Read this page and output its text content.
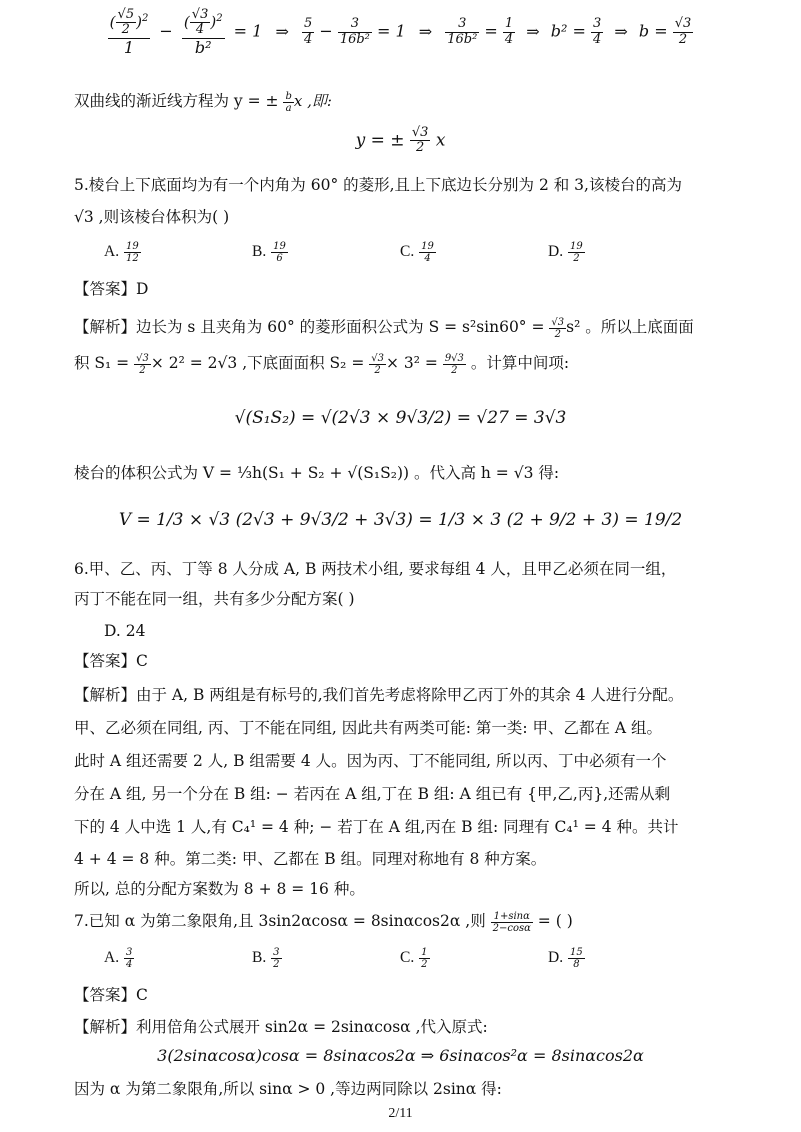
$\frac{( \frac{√5}{2} )^2}{1} - \frac{( \frac{√3}{4} )^2}{\text{b²}} = 1$ ⇒ $\frac{5}{4} - \frac{3}{\text{16b²}} = 1$ ⇒ $\frac{3}{\text{16b²}} = \frac{1}{4}$ ⇒ $b^2 = \frac{3}{4}$ ⇒ $b = \frac{√3}{2}$
双曲线的渐近线方程为 y = ± $\frac{b}{a}$ x ,即:
y = ± $\frac{√3}{2}$ x
5.棱台上下底面均为有一个内角为 60° 的菱形,且上下底边长分别为 2 和 3,该棱台的高为
√3 ,则该棱台体积为( )
A. $\frac{19}{12}$	B. $\frac{19}{6}$	C. $\frac{19}{4}$	D. $\frac{19}{2}$
【答案】D
【解析】边长为 s 且夹角为 60° 的菱形面积公式为 $S = s^2\sin 60^\circ = \frac{√3}{2} s^2$ 。所以上底面面
积 $S_1 = \frac{√3}{2} \times 2^2 = 2√3$ ,下底面面积 $S_2 = \frac{√3}{2} \times 3^2 = \frac{9√3}{2}$ 。计算中间项:
√(S₁S₂) = √(2√3 × 9√3/2) = √27 = 3√3
棱台的体积公式为 V = ⅓h(S₁ + S₂ + √(S₁S₂)) 。代入高 h = √3 得:
V = 1/3 × √3 (2√3 + 9√3/2 + 3√3) = 1/3 × 3 (2 + 9/2 + 3) = 19/2
6.甲、乙、丙、丁等 8 人分成 A, B 两技术小组, 要求每组 4 人，且甲乙必须在同一组，
丙丁不能在同一组，共有多少分配方案( )
D. 24
【答案】C
【解析】由于 A, B 两组是有标号的,我们首先考虑将除甲乙丙丁外的其余 4 人进行分配。
甲、乙必须在同组, 丙、丁不能在同组, 因此共有两类可能: 第一类: 甲、乙都在 A 组。
此时 A 组还需要 2 人, B 组需要 4 人。因为丙、丁不能同组, 所以丙、丁中必须有一个
分在 A 组, 另一个分在 B 组: − 若丙在 A 组,丁在 B 组: A 组已有 {甲,乙,丙},还需从剩
下的 4 人中选 1 人,有 C₄¹ = 4 种; − 若丁在 A 组,丙在 B 组: 同理有 C₄¹ = 4 种。共计
4 + 4 = 8 种。第二类: 甲、乙都在 B 组。同理对称地有 8 种方案。
所以, 总的分配方案数为 8 + 8 = 16 种。
7.已知 α 为第二象限角,且 3sin2αcosα = 8sinαcos2α ,则 $\frac{1+\sin\alpha}{2-\cos\alpha}$ = ( )
A. $\frac{3}{4}$	B. $\frac{3}{2}$	C. $\frac{1}{2}$	D. $\frac{15}{8}$
【答案】C
【解析】利用倍角公式展开 sin2α = 2sinαcosα ,代入原式:
3(2sinαcosα)cosα = 8sinαcos2α ⇒ 6sinαcos²α = 8sinαcos2α
因为 α 为第二象限角,所以 sinα > 0 ,等边两同除以 2sinα 得:
2/11
